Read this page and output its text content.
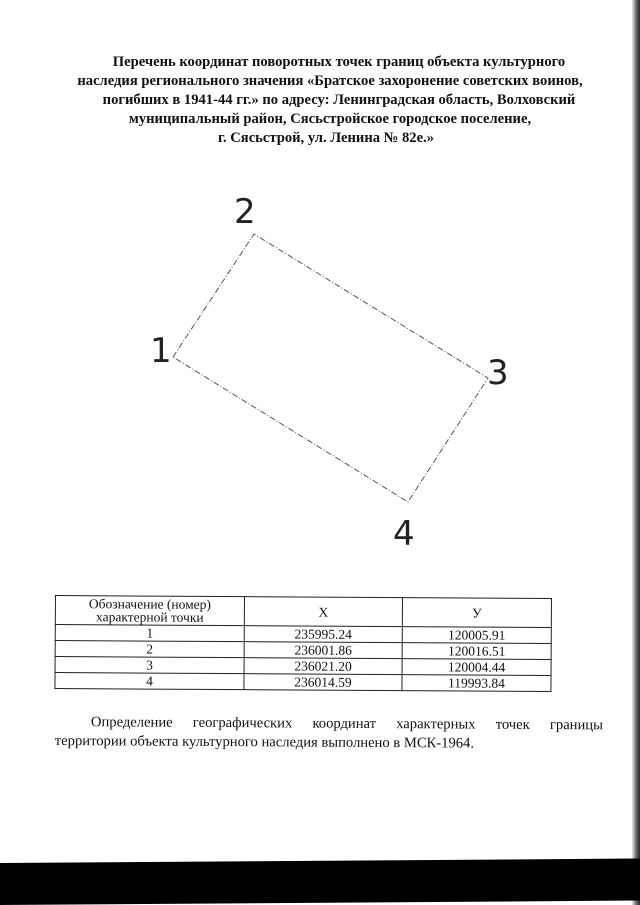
Перечень координат поворотных точек границ объекта культурного
наследия регионального значения «Братское захоронение советских воинов,
погибших в 1941-44 гг.» по адресу: Ленинградская область, Волховский
муниципальный район, Сясьстройское городское поселение,
г. Сясьстрой, ул. Ленина № 82е.»
1
2
3
4
Обозначение (номер) характерной точки	X	У
1	235995.24	120005.91
2	236001.86	120016.51
3	236021.20	120004.44
4	236014.59	119993.84

Определение географических координат характерных точек границы

территории объекта культурного наследия выполнено в МСК-1964.
